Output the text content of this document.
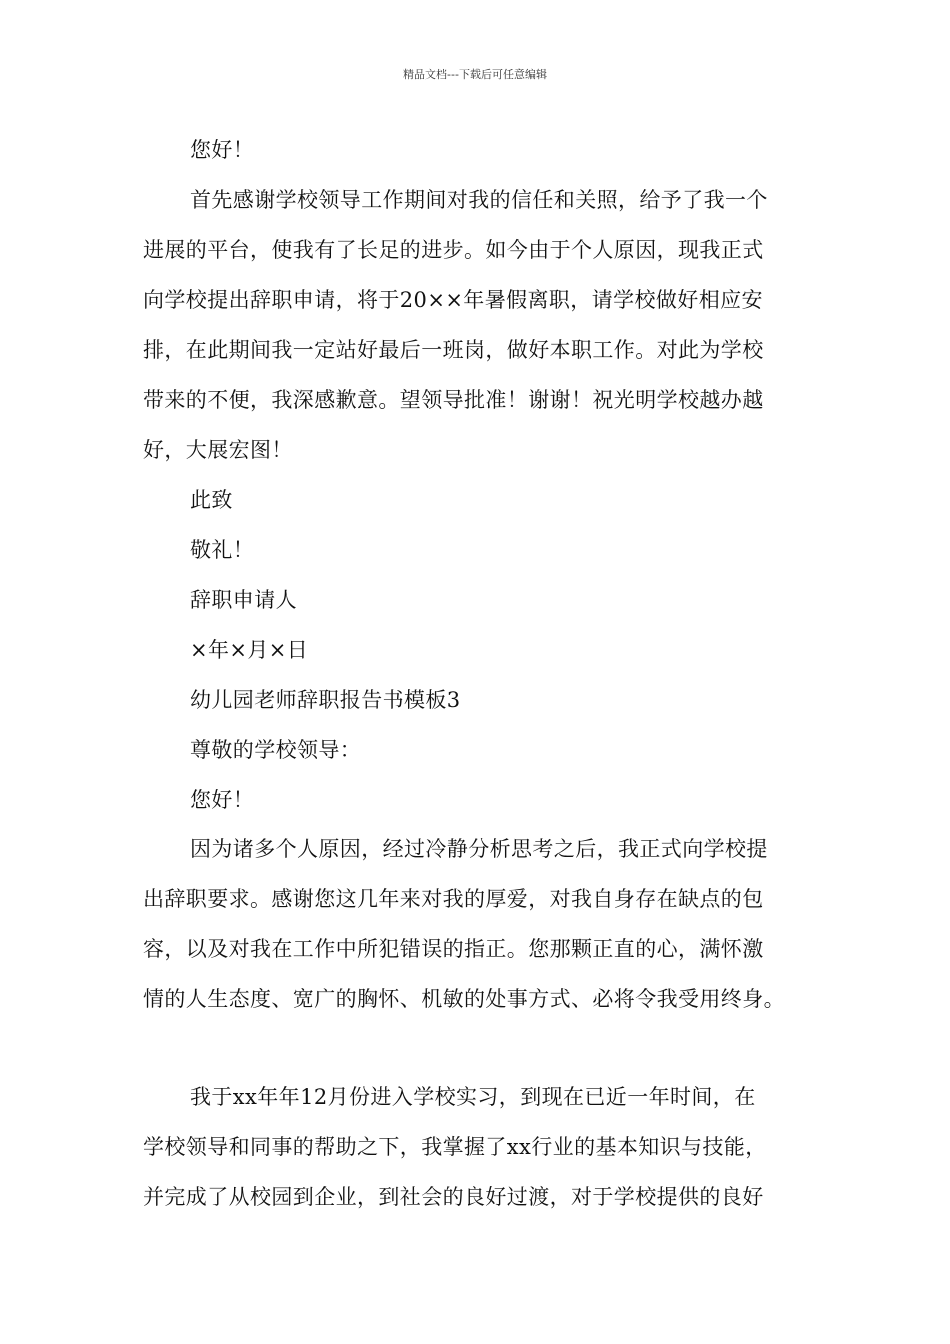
精品文档---下载后可任意编辑
您好！
首先感谢学校领导工作期间对我的信任和关照，给予了我一个
进展的平台，使我有了长足的进步。如今由于个人原因，现我正式
向学校提出辞职申请，将于20××年暑假离职，请学校做好相应安
排，在此期间我一定站好最后一班岗，做好本职工作。对此为学校
带来的不便，我深感歉意。望领导批准！谢谢！祝光明学校越办越
好，大展宏图！
此致
敬礼！
辞职申请人
×年×月×日
幼儿园老师辞职报告书模板3
尊敬的学校领导：
您好！
因为诸多个人原因，经过冷静分析思考之后，我正式向学校提
出辞职要求。感谢您这几年来对我的厚爱，对我自身存在缺点的包
容，以及对我在工作中所犯错误的指正。您那颗正直的心，满怀激
情的人生态度、宽广的胸怀、机敏的处事方式、必将令我受用终身。
我于xx年年12月份进入学校实习，到现在已近一年时间，在
学校领导和同事的帮助之下，我掌握了xx行业的基本知识与技能，
并完成了从校园到企业，到社会的良好过渡，对于学校提供的良好
